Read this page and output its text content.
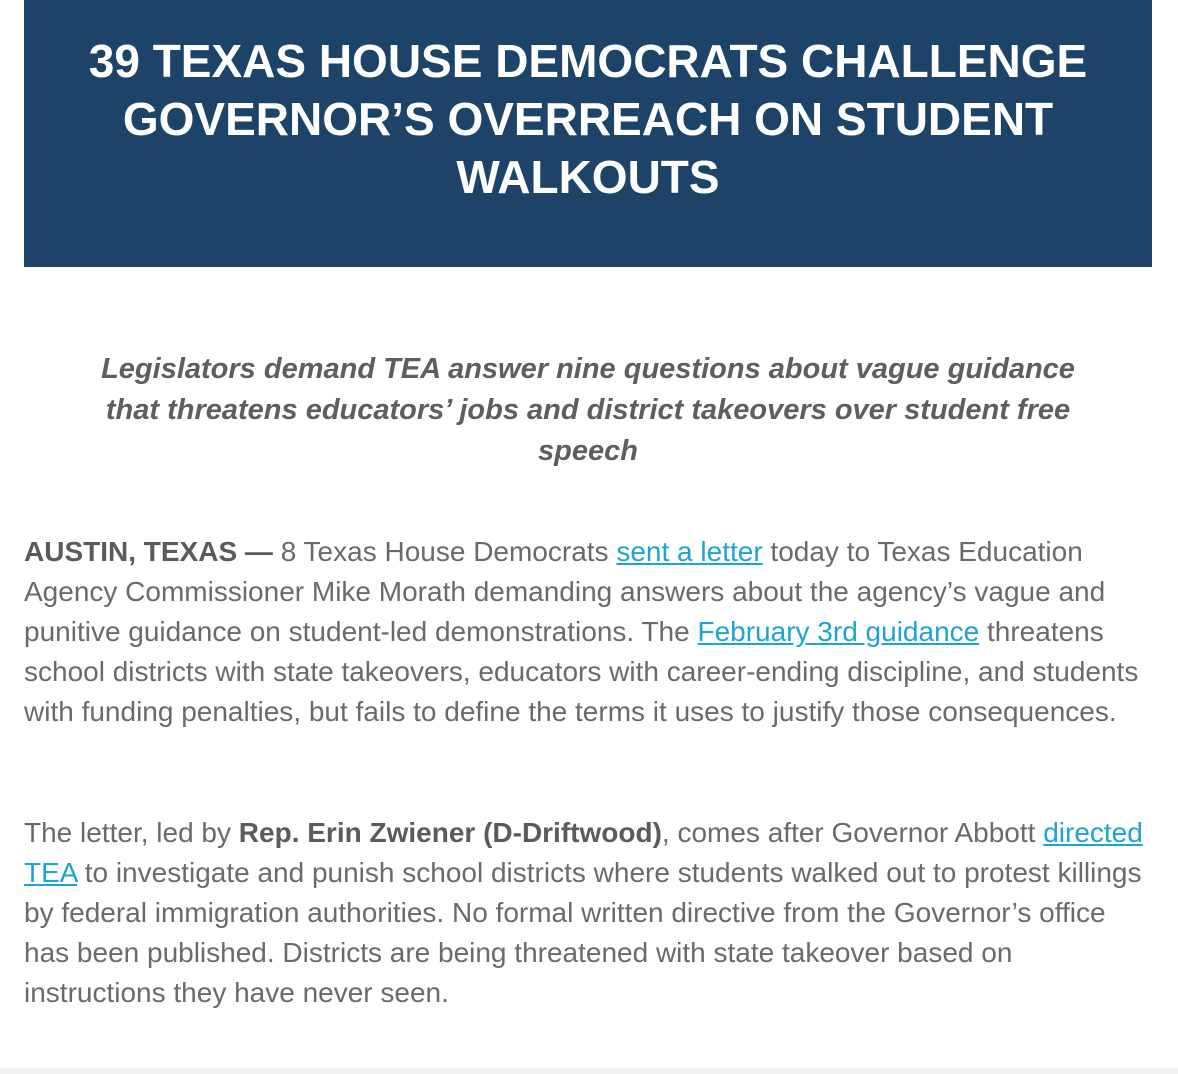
39 TEXAS HOUSE DEMOCRATS CHALLENGE
GOVERNOR’S OVERREACH ON STUDENT
WALKOUTS

Legislators demand TEA answer nine questions about vague guidance
that threatens educators’ jobs and district takeovers over student free
speech

AUSTIN, TEXAS — 8 Texas House Democrats sent a letter today to Texas Education Agency Commissioner Mike Morath demanding answers about the agency’s vague and punitive guidance on student-led demonstrations. The February 3rd guidance threatens school districts with state takeovers, educators with career-ending discipline, and students with funding penalties, but fails to define the terms it uses to justify those consequences.

The letter, led by Rep. Erin Zwiener (D-Driftwood), comes after Governor Abbott directed TEA to investigate and punish school districts where students walked out to protest killings by federal immigration authorities. No formal written directive from the Governor’s office has been published. Districts are being threatened with state takeover based on instructions they have never seen.
